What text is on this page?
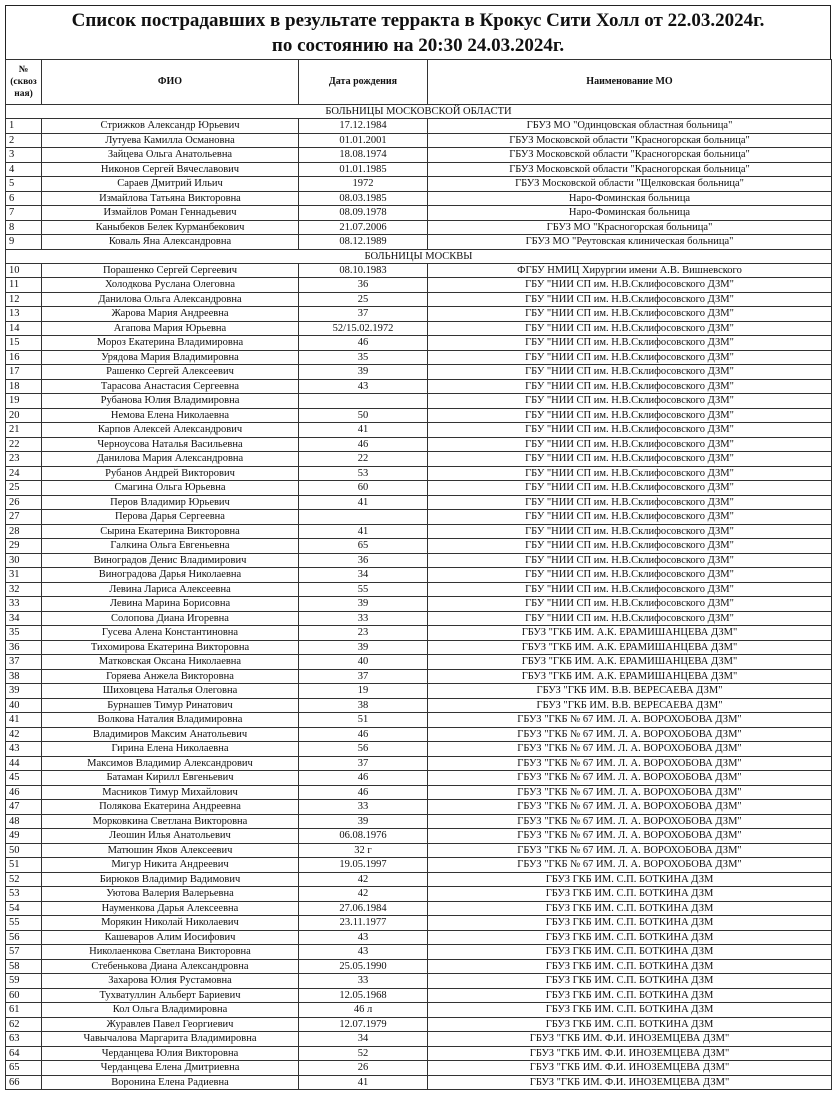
Список пострадавших в результате терракта в Крокус Сити Холл от 22.03.2024г.
по состоянию на 20:30 24.03.2024г.
№ (сквоз ная)	ФИО	Дата рождения	Наименование МО
БОЛЬНИЦЫ МОСКОВСКОЙ ОБЛАСТИ			
1	Стрижков Александр Юрьевич	17.12.1984	ГБУЗ МО "Одинцовская областная больница"
2	Лутуева Камилла Османовна	01.01.2001	ГБУЗ Московской области "Красногорская больница"
3	Зайцева Ольга Анатольевна	18.08.1974	ГБУЗ Московской области "Красногорская больница"
4	Никонов Сергей Вячеславович	01.01.1985	ГБУЗ Московской области "Красногорская больница"
5	Сараев Дмитрий Ильич	1972	ГБУЗ Московской области "Щелковская больница"
6	Измайлова Татьяна Викторовна	08.03.1985	Наро-Фоминская больница
7	Измайлов Роман Геннадьевич	08.09.1978	Наро-Фоминская больница
8	Каныбеков Белек Курманбекович	21.07.2006	ГБУЗ МО "Красногорская больница"
9	Коваль Яна Александровна	08.12.1989	ГБУЗ МО "Реутовская клиническая больница"
БОЛЬНИЦЫ МОСКВЫ			
10	Порашенко Сергей Сергеевич	08.10.1983	ФГБУ НМИЦ Хирургии имени А.В. Вишневского
11	Холодкова Руслана Олеговна	36	ГБУ "НИИ СП им. Н.В.Склифосовского ДЗМ"
12	Данилова Ольга Александровна	25	ГБУ "НИИ СП им. Н.В.Склифосовского ДЗМ"
13	Жарова Мария Андреевна	37	ГБУ "НИИ СП им. Н.В.Склифосовского ДЗМ"
14	Агапова Мария Юрьевна	52/15.02.1972	ГБУ "НИИ СП им. Н.В.Склифосовского ДЗМ"
15	Мороз Екатерина Владимировна	46	ГБУ "НИИ СП им. Н.В.Склифосовского ДЗМ"
16	Урядова Мария Владимировна	35	ГБУ "НИИ СП им. Н.В.Склифосовского ДЗМ"
17	Рашенко Сергей Алексеевич	39	ГБУ "НИИ СП им. Н.В.Склифосовского ДЗМ"
18	Тарасова Анастасия Сергеевна	43	ГБУ "НИИ СП им. Н.В.Склифосовского ДЗМ"
19	Рубанова Юлия Владимировна		ГБУ "НИИ СП им. Н.В.Склифосовского ДЗМ"
20	Немова Елена Николаевна	50	ГБУ "НИИ СП им. Н.В.Склифосовского ДЗМ"
21	Карпов Алексей Александрович	41	ГБУ "НИИ СП им. Н.В.Склифосовского ДЗМ"
22	Черноусова Наталья Васильевна	46	ГБУ "НИИ СП им. Н.В.Склифосовского ДЗМ"
23	Данилова Мария Александровна	22	ГБУ "НИИ СП им. Н.В.Склифосовского ДЗМ"
24	Рубанов Андрей Викторович	53	ГБУ "НИИ СП им. Н.В.Склифосовского ДЗМ"
25	Смагина Ольга Юрьевна	60	ГБУ "НИИ СП им. Н.В.Склифосовского ДЗМ"
26	Перов Владимир Юрьевич	41	ГБУ "НИИ СП им. Н.В.Склифосовского ДЗМ"
27	Перова Дарья Сергеевна		ГБУ "НИИ СП им. Н.В.Склифосовского ДЗМ"
28	Сырина Екатерина Викторовна	41	ГБУ "НИИ СП им. Н.В.Склифосовского ДЗМ"
29	Галкина Ольга Евгеньевна	65	ГБУ "НИИ СП им. Н.В.Склифосовского ДЗМ"
30	Виноградов Денис Владимирович	36	ГБУ "НИИ СП им. Н.В.Склифосовского ДЗМ"
31	Виноградова Дарья Николаевна	34	ГБУ "НИИ СП им. Н.В.Склифосовского ДЗМ"
32	Левина Лариса Алексеевна	55	ГБУ "НИИ СП им. Н.В.Склифосовского ДЗМ"
33	Левина Марина Борисовна	39	ГБУ "НИИ СП им. Н.В.Склифосовского ДЗМ"
34	Солопова Диана Игоревна	33	ГБУ "НИИ СП им. Н.В.Склифосовского ДЗМ"
35	Гусева Алена Константиновна	23	ГБУЗ "ГКБ ИМ. А.К. ЕРАМИШАНЦЕВА ДЗМ"
36	Тихомирова Екатерина Викторовна	39	ГБУЗ "ГКБ ИМ. А.К. ЕРАМИШАНЦЕВА ДЗМ"
37	Матковская Оксана Николаевна	40	ГБУЗ "ГКБ ИМ. А.К. ЕРАМИШАНЦЕВА ДЗМ"
38	Горяева Анжела Викторовна	37	ГБУЗ "ГКБ ИМ. А.К. ЕРАМИШАНЦЕВА ДЗМ"
39	Шиховцева Наталья Олеговна	19	ГБУЗ "ГКБ ИМ. В.В. ВЕРЕСАЕВА ДЗМ"
40	Бурнашев Тимур Ринатович	38	ГБУЗ "ГКБ ИМ. В.В. ВЕРЕСАЕВА ДЗМ"
41	Волкова Наталия Владимировна	51	ГБУЗ "ГКБ № 67 ИМ. Л. А. ВОРОХОБОВА ДЗМ"
42	Владимиров Максим Анатольевич	46	ГБУЗ "ГКБ № 67 ИМ. Л. А. ВОРОХОБОВА ДЗМ"
43	Гирина Елена Николаевна	56	ГБУЗ "ГКБ № 67 ИМ. Л. А. ВОРОХОБОВА ДЗМ"
44	Максимов Владимир Александрович	37	ГБУЗ "ГКБ № 67 ИМ. Л. А. ВОРОХОБОВА ДЗМ"
45	Батаман Кирилл Евгеньевич	46	ГБУЗ "ГКБ № 67 ИМ. Л. А. ВОРОХОБОВА ДЗМ"
46	Масников Тимур Михайлович	46	ГБУЗ "ГКБ № 67 ИМ. Л. А. ВОРОХОБОВА ДЗМ"
47	Полякова Екатерина Андреевна	33	ГБУЗ "ГКБ № 67 ИМ. Л. А. ВОРОХОБОВА ДЗМ"
48	Морковкина Светлана Викторовна	39	ГБУЗ "ГКБ № 67 ИМ. Л. А. ВОРОХОБОВА ДЗМ"
49	Леошин Илья Анатольевич	06.08.1976	ГБУЗ "ГКБ № 67 ИМ. Л. А. ВОРОХОБОВА ДЗМ"
50	Матюшин Яков Алексеевич	32 г	ГБУЗ "ГКБ № 67 ИМ. Л. А. ВОРОХОБОВА ДЗМ"
51	Мигур Никита Андреевич	19.05.1997	ГБУЗ "ГКБ № 67 ИМ. Л. А. ВОРОХОБОВА ДЗМ"
52	Бирюков Владимир Вадимович	42	ГБУЗ ГКБ ИМ. С.П. БОТКИНА ДЗМ
53	Уютова Валерия Валерьевна	42	ГБУЗ ГКБ ИМ. С.П. БОТКИНА ДЗМ
54	Науменкова Дарья Алексеевна	27.06.1984	ГБУЗ ГКБ ИМ. С.П. БОТКИНА ДЗМ
55	Морякин Николай Николаевич	23.11.1977	ГБУЗ ГКБ ИМ. С.П. БОТКИНА ДЗМ
56	Кашеваров Алим Иосифович	43	ГБУЗ ГКБ ИМ. С.П. БОТКИНА ДЗМ
57	Николаенкова Светлана Викторовна	43	ГБУЗ ГКБ ИМ. С.П. БОТКИНА ДЗМ
58	Стебенькова Диана Александровна	25.05.1990	ГБУЗ ГКБ ИМ. С.П. БОТКИНА ДЗМ
59	Захарова Юлия Рустамовна	33	ГБУЗ ГКБ ИМ. С.П. БОТКИНА ДЗМ
60	Тухватуллин Альберт Бариевич	12.05.1968	ГБУЗ ГКБ ИМ. С.П. БОТКИНА ДЗМ
61	Кол Ольга Владимировна	46 л	ГБУЗ ГКБ ИМ. С.П. БОТКИНА ДЗМ
62	Журавлев Павел Георгиевич	12.07.1979	ГБУЗ ГКБ ИМ. С.П. БОТКИНА ДЗМ
63	Чавычалова Маргарита Владимировна	34	ГБУЗ "ГКБ ИМ. Ф.И. ИНОЗЕМЦЕВА ДЗМ"
64	Черданцева Юлия Викторовна	52	ГБУЗ "ГКБ ИМ. Ф.И. ИНОЗЕМЦЕВА ДЗМ"
65	Черданцева Елена Дмитриевна	26	ГБУЗ "ГКБ ИМ. Ф.И. ИНОЗЕМЦЕВА ДЗМ"
66	Воронина Елена Радиевна	41	ГБУЗ "ГКБ ИМ. Ф.И. ИНОЗЕМЦЕВА ДЗМ"
